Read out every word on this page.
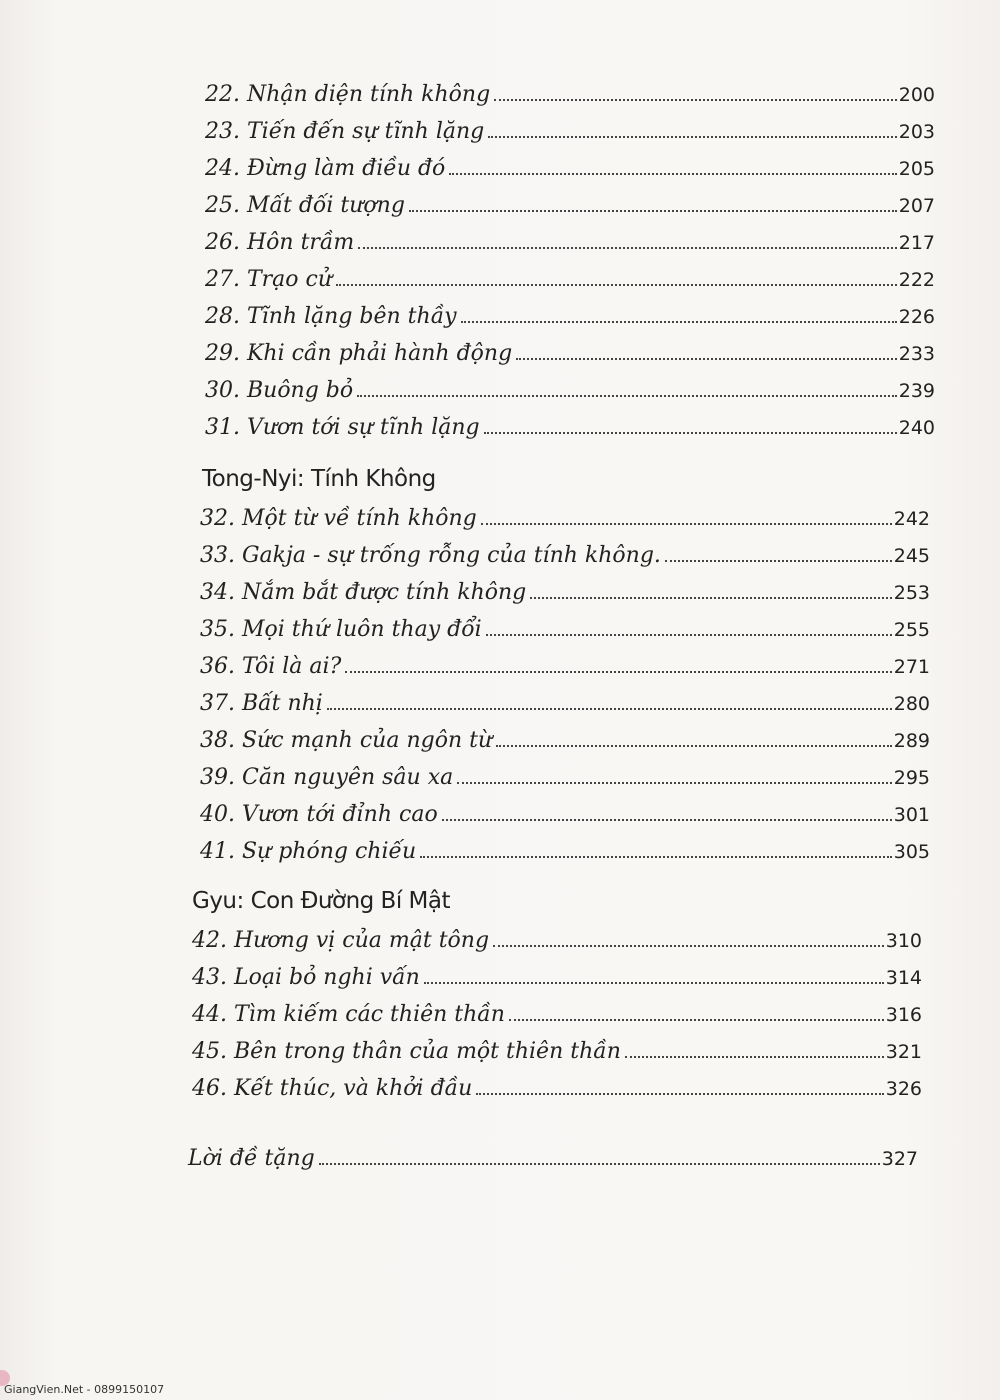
22. Nhận diện tính không	200
23. Tiến đến sự tĩnh lặng	203
24. Đừng làm điều đó	205
25. Mất đối tượng	207
26. Hôn trầm	217
27. Trạo cử	222
28. Tĩnh lặng bên thầy	226
29. Khi cần phải hành động	233
30. Buông bỏ	239
31. Vươn tới sự tĩnh lặng	240
Tong-Nyi: Tính Không
32. Một từ về tính không	242
33. Gakja - sự trống rỗng của tính không.	245
34. Nắm bắt được tính không	253
35. Mọi thứ luôn thay đổi	255
36. Tôi là ai?	271
37. Bất nhị	280
38. Sức mạnh của ngôn từ	289
39. Căn nguyên sâu xa	295
40. Vươn tới đỉnh cao	301
41. Sự phóng chiếu	305
Gyu: Con Đường Bí Mật
42. Hương vị của mật tông	310
43. Loại bỏ nghi vấn	314
44. Tìm kiếm các thiên thần	316
45. Bên trong thân của một thiên thần	321
46. Kết thúc, và khởi đầu	326
Lời đề tặng	327
GiangVien.Net - 0899150107
